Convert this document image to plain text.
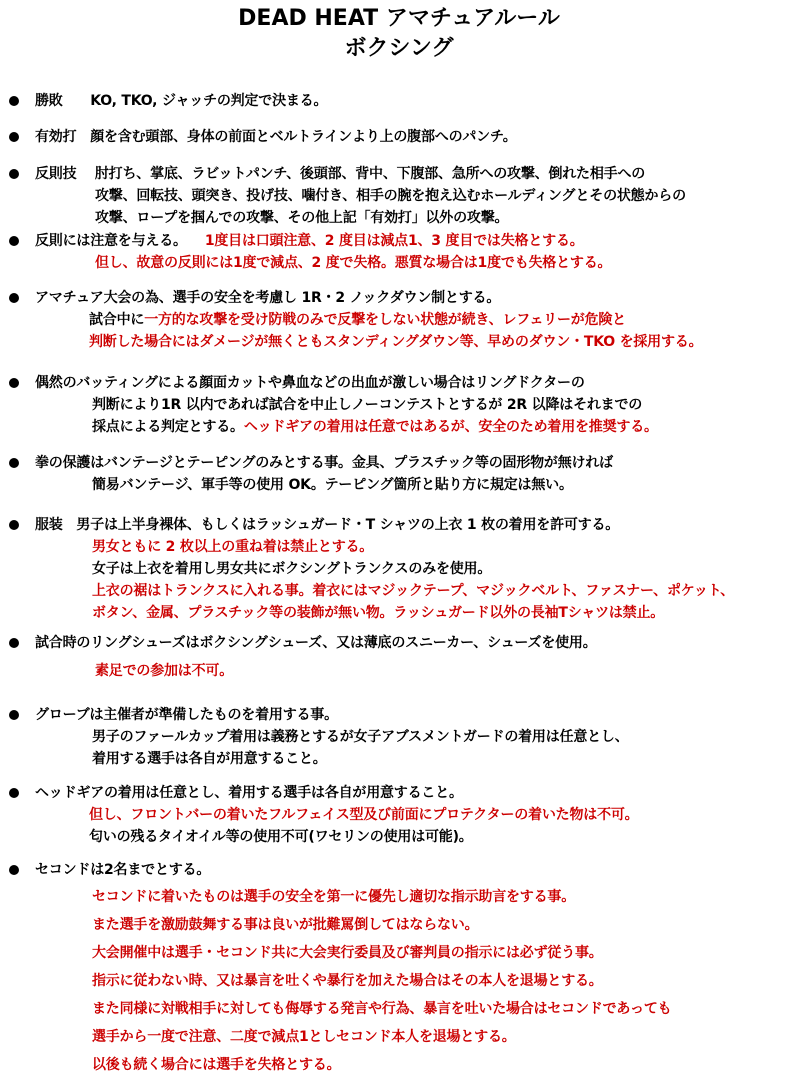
DEAD HEAT アマチュアルール
ボクシング
勝敗　　KO, TKO, ジャッチの判定で決まる。
有効打　顔を含む頭部、身体の前面とベルトラインより上の腹部へのパンチ。
反則技　 肘打ち、掌底、ラビットパンチ、後頭部、背中、下腹部、急所への攻撃、倒れた相手への
攻撃、回転技、頭突き、投げ技、噛付き、相手の腕を抱え込むホールディングとその状態からの
攻撃、ロープを掴んでの攻撃、その他上記「有効打」以外の攻撃。
反則には注意を与える。 1度目は口頭注意、2 度目は減点1、3 度目では失格とする。
但し、故意の反則には1度で減点、2 度で失格。悪質な場合は1度でも失格とする。
アマチュア大会の為、選手の安全を考慮し 1R・2 ノックダウン制とする。
試合中に一方的な攻撃を受け防戦のみで反撃をしない状態が続き、レフェリーが危険と
判断した場合にはダメージが無くともスタンディングダウン等、早めのダウン・TKO を採用する。
偶然のバッティングによる顔面カットや鼻血などの出血が激しい場合はリングドクターの
判断により1R 以内であれば試合を中止しノーコンテストとするが 2R 以降はそれまでの
採点による判定とする。ヘッドギアの着用は任意ではあるが、安全のため着用を推奨する。
拳の保護はバンテージとテーピングのみとする事。金具、プラスチック等の固形物が無ければ
簡易バンテージ、軍手等の使用 OK。テーピング箇所と貼り方に規定は無い。
服装　男子は上半身裸体、もしくはラッシュガード・T シャツの上衣 1 枚の着用を許可する。
男女ともに 2 枚以上の重ね着は禁止とする。
女子は上衣を着用し男女共にボクシングトランクスのみを使用。
上衣の裾はトランクスに入れる事。着衣にはマジックテープ、マジックベルト、ファスナー、ポケット、
ボタン、金属、プラスチック等の装飾が無い物。ラッシュガード以外の長袖Tシャツは禁止。
試合時のリングシューズはボクシングシューズ、又は薄底のスニーカー、シューズを使用。
素足での参加は不可。
グローブは主催者が準備したものを着用する事。
男子のファールカップ着用は義務とするが女子アブスメントガードの着用は任意とし、
着用する選手は各自が用意すること。
ヘッドギアの着用は任意とし、着用する選手は各自が用意すること。
但し、フロントバーの着いたフルフェイス型及び前面にプロテクターの着いた物は不可。
匂いの残るタイオイル等の使用不可(ワセリンの使用は可能)。
セコンドは2名までとする。
セコンドに着いたものは選手の安全を第一に優先し適切な指示助言をする事。
また選手を激励鼓舞する事は良いが批難罵倒してはならない。
大会開催中は選手・セコンド共に大会実行委員及び審判員の指示には必ず従う事。
指示に従わない時、又は暴言を吐くや暴行を加えた場合はその本人を退場とする。
また同様に対戦相手に対しても侮辱する発言や行為、暴言を吐いた場合はセコンドであっても
選手から一度で注意、二度で減点1としセコンド本人を退場とする。
以後も続く場合には選手を失格とする。
